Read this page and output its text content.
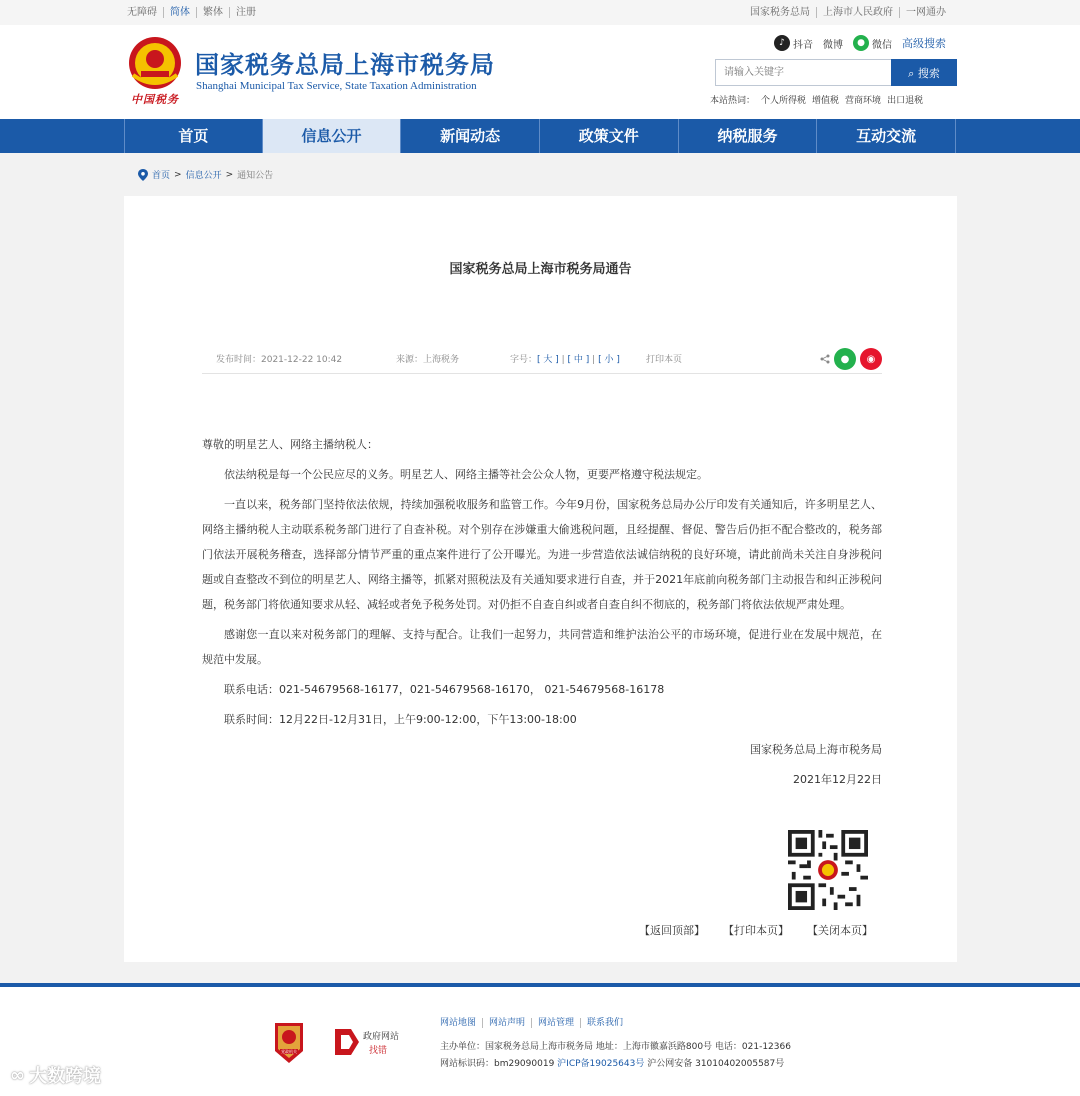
无障碍	简体	繁体	注册	国家税务总局	上海市人民政府	一网通办
中国税务
国家税务总局上海市税务局
Shanghai Municipal Tax Service, State Taxation Administration
♪ 抖音 微博	● 微信 高级搜索
请输入关键字
⌕ 搜索
本站热词： 个人所得税 增值税 营商环境 出口退税
首页	信息公开	新闻动态	政策文件	纳税服务	互动交流
首页 > 信息公开 > 通知公告
国家税务总局上海市税务局通告
发布时间：2021-12-22 10:42	来源：上海税务	字号：[ 大 ] | [ 中 ] | [ 小 ]	打印本页	●	◉

尊敬的明星艺人、网络主播纳税人：

依法纳税是每一个公民应尽的义务。明星艺人、网络主播等社会公众人物，更要严格遵守税法规定。

一直以来，税务部门坚持依法依规，持续加强税收服务和监管工作。今年9月份，国家税务总局办公厅印发有关通知后，许多明星艺人、网络主播纳税人主动联系税务部门进行了自查补税。对个别存在涉嫌重大偷逃税问题，且经提醒、督促、警告后仍拒不配合整改的，税务部门依法开展税务稽查，选择部分情节严重的重点案件进行了公开曝光。为进一步营造依法诚信纳税的良好环境，请此前尚未关注自身涉税问题或自查整改不到位的明星艺人、网络主播等，抓紧对照税法及有关通知要求进行自查，并于2021年底前向税务部门主动报告和纠正涉税问题，税务部门将依通知要求从轻、减轻或者免予税务处罚。对仍拒不自查自纠或者自查自纠不彻底的，税务部门将依法依规严肃处理。

感谢您一直以来对税务部门的理解、支持与配合。让我们一起努力，共同营造和维护法治公平的市场环境，促进行业在发展中规范，在规范中发展。

联系电话：021-54679568-16177，021-54679568-16170， 021-54679568-16178

联系时间：12月22日-12月31日，上午9:00-12:00，下午13:00-18:00

国家税务总局上海市税务局

2021年12月22日

【返回顶部】 【打印本页】 【关闭本页】
党政机关
政府网站
找错
网站地图	网站声明	网站管理	联系我们
主办单位：国家税务总局上海市税务局 地址：上海市徽嘉浜路800号 电话：021-12366
网站标识码：bm29090019 沪ICP备19025643号 沪公网安备 31010402005587号
∞ 大数跨境
